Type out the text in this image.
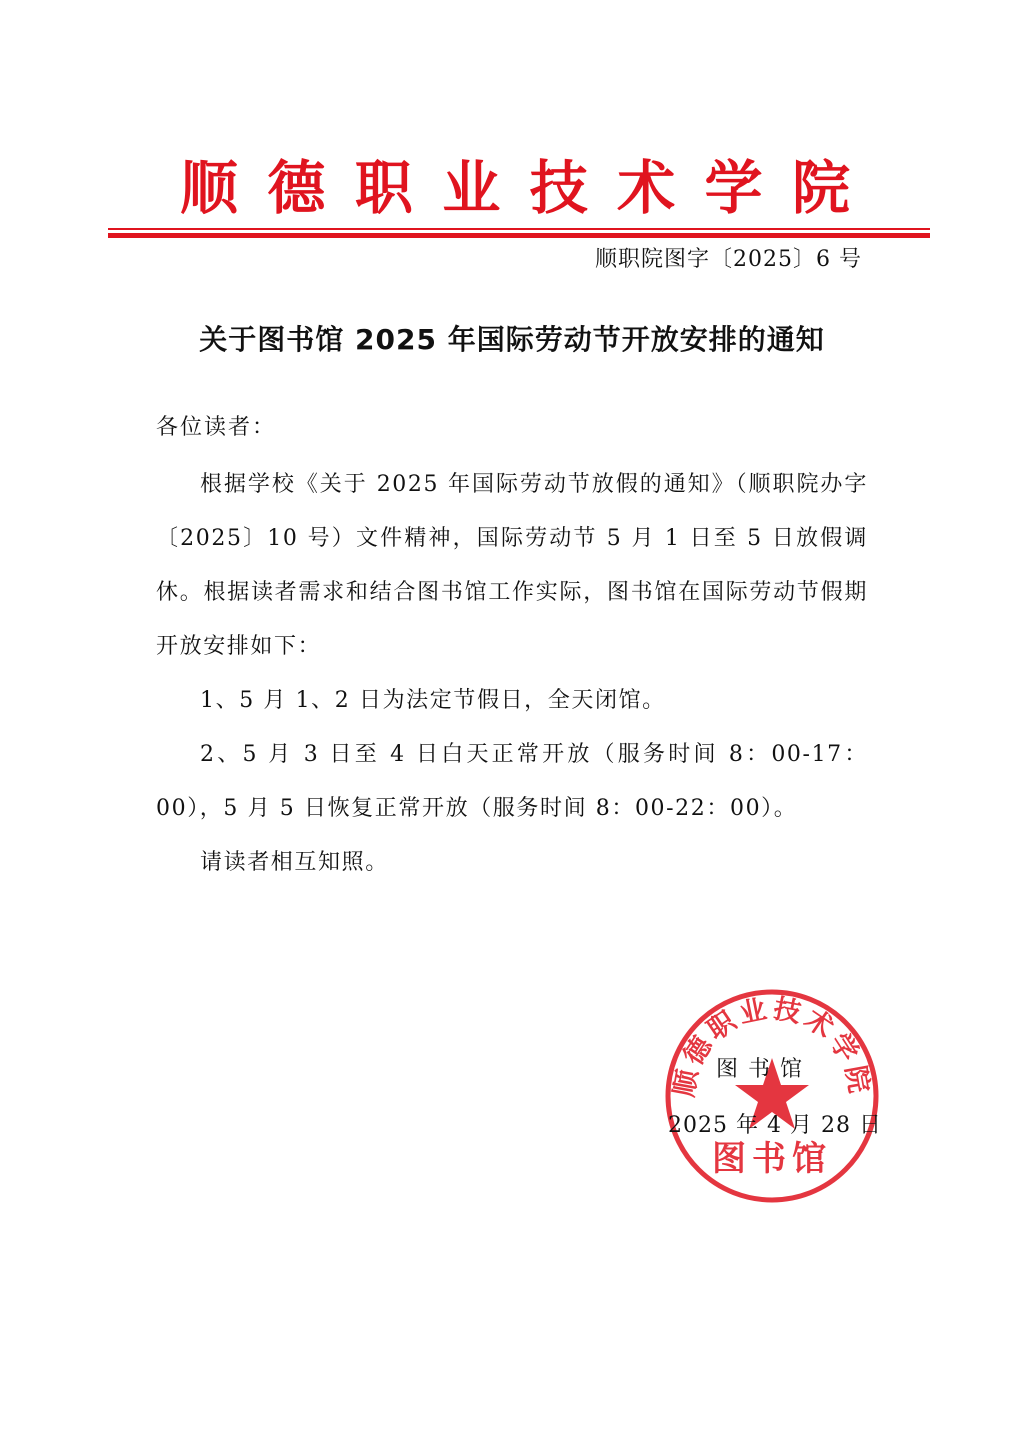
顺 德 职 业 技 术 学 院
顺职院图字〔2025〕6 号
关于图书馆 2025 年国际劳动节开放安排的通知
各位读者：

根据学校《关于 2025 年国际劳动节放假的通知》（顺职院办字〔2025〕10 号）文件精神，国际劳动节 5 月 1 日至 5 日放假调休。根据读者需求和结合图书馆工作实际，图书馆在国际劳动节假期开放安排如下：

1、5 月 1、2 日为法定节假日，全天闭馆。

2、5 月 3 日至 4 日白天正常开放（服务时间 8：00-17：00），5 月 5 日恢复正常开放（服务时间 8：00-22：00）。

请读者相互知照。

顺德职业技术学院
图书馆
图书馆
2025 年 4 月 28 日
